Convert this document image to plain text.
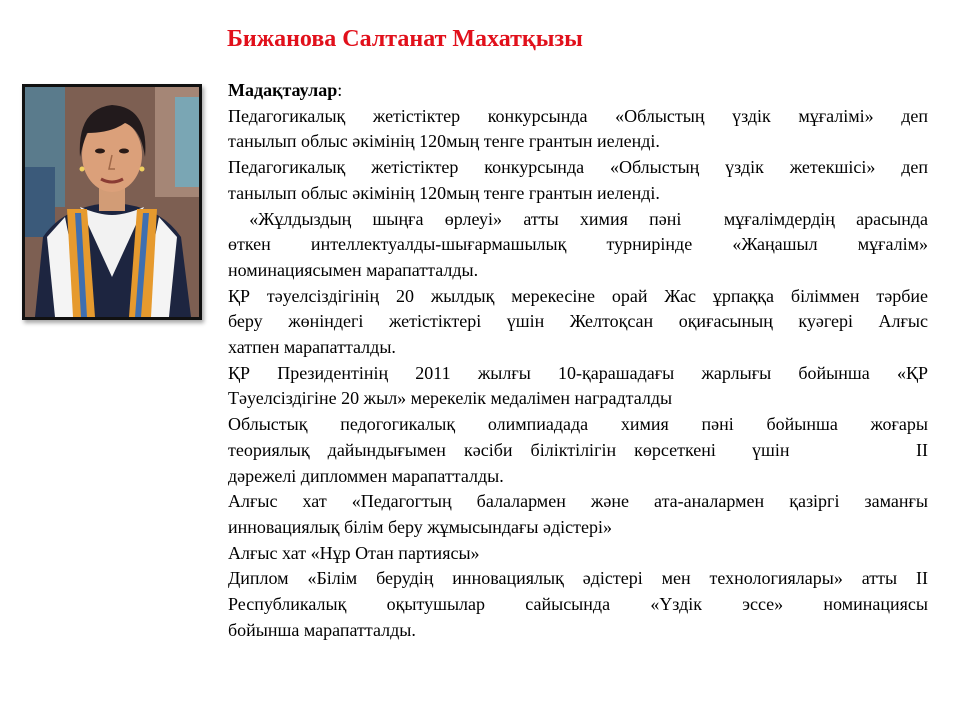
Бижанова Салтанат Махатқызы
Мадақтаулар:
Педагогикалық жетістіктер конкурсында «Облыстың үздік мұғалімі» деп
танылып облыс әкімінің 120мың тенге грантын иеленді.
Педагогикалық жетістіктер конкурсында «Облыстың үздік жетекшісі» деп
танылып облыс әкімінің 120мың тенге грантын иеленді.
«Жұлдыздың шыңға өрлеуі» атты химия пәні  мұғалімдердің арасында
өткен интеллектуалды-шығармашылық турнирінде «Жаңашыл мұғалім»
номинациясымен марапатталды.
ҚР тәуелсіздігінің 20 жылдық мерекесіне орай Жас ұрпаққа біліммен тәрбие
беру жөніндегі жетістіктері үшін Желтоқсан оқиғасының куәгері Алғыс
хатпен марапатталды.
ҚР Президентінің 2011 жылғы 10-қарашадағы жарлығы бойынша «ҚР
Тәуелсіздігіне 20 жыл» мерекелік медалімен наградталды
Облыстық педогогикалық олимпиадада химия пәні бойынша жоғары
теориялық дайындығымен кәсіби біліктілігін көрсеткені  үшін       II
дәрежелі дипломмен марапатталды.
Алғыс хат «Педагогтың балалармен және ата-аналармен қазіргі заманғы
инновациялық білім беру жұмысындағы әдістері»
Алғыс хат «Нұр Отан партиясы»
Диплом «Білім берудің инновациялық әдістері мен технологиялары» атты II
Республикалық оқытушылар сайысында «Үздік эссе» номинациясы
бойынша марапатталды.
